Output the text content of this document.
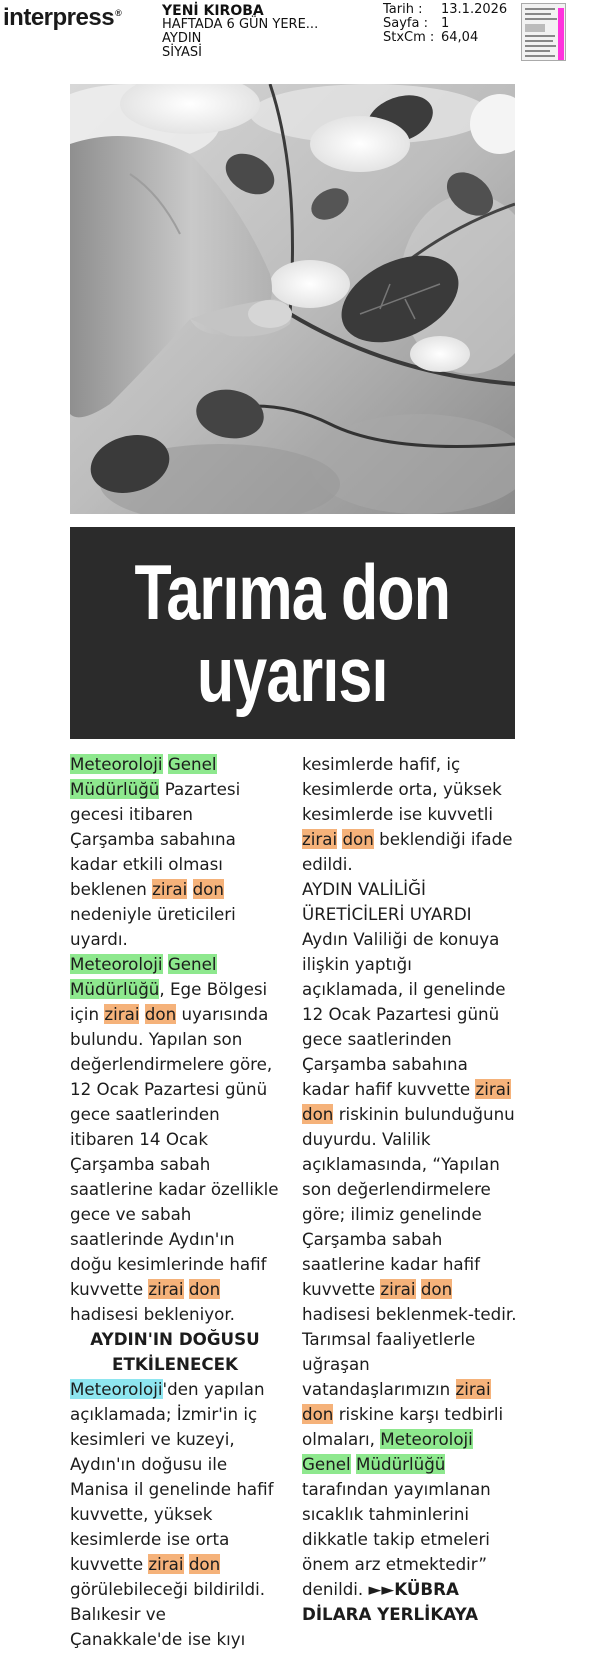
interpress®	YENİ KIROBA
HAFTADA 6 GÜN YERE...
AYDIN
SİYASİ
Tarih :	13.1.2026
Sayfa :	1
StxCm : 64,04
Tarıma don
uyarısı

Meteoroloji Genel Müdürlüğü Pazartesi gecesi itibaren Çarşamba sabahına kadar etkili olması beklenen zirai don nedeniyle üreticileri uyardı.

Meteoroloji Genel Müdürlüğü, Ege Bölgesi için zirai don uyarısında bulundu. Yapılan son değerlendirmelere göre, 12 Ocak Pazartesi günü gece saatlerinden itibaren 14 Ocak Çarşamba sabah saatlerine kadar özellikle gece ve sabah saatlerinde Aydın'ın doğu kesimlerinde hafif kuvvette zirai don hadisesi bekleniyor.

AYDIN'IN DOĞUSU ETKİLENECEK

Meteoroloji'den yapılan açıklamada; İzmir'in iç kesimleri ve kuzeyi, Aydın'ın doğusu ile Manisa il genelinde hafif kuvvette, yüksek kesimlerde ise orta kuvvette zirai don görülebileceği bildirildi. Balıkesir ve Çanakkale'de ise kıyı

kesimlerde hafif, iç kesimlerde orta, yüksek kesimlerde ise kuvvetli zirai don beklendiği ifade edildi.

AYDIN VALİLİĞİ ÜRETİCİLERİ UYARDI

Aydın Valiliği de konuya ilişkin yaptığı açıklamada, il genelinde 12 Ocak Pazartesi günü gece saatlerinden Çarşamba sabahına kadar hafif kuvvette zirai don riskinin bulunduğunu duyurdu. Valilik açıklamasında, “Yapılan son değerlendirmelere göre; ilimiz genelinde Çarşamba sabah saatlerine kadar hafif kuvvette zirai don hadisesi beklenmek-tedir. Tarımsal faaliyetlerle uğraşan vatandaşlarımızın zirai don riskine karşı tedbirli olmaları, Meteoroloji Genel Müdürlüğü tarafından yayımlanan sıcaklık tahminlerini dikkatle takip etmeleri önem arz etmektedir” denildi. ►►KÜBRA DİLARA YERLİKAYA
